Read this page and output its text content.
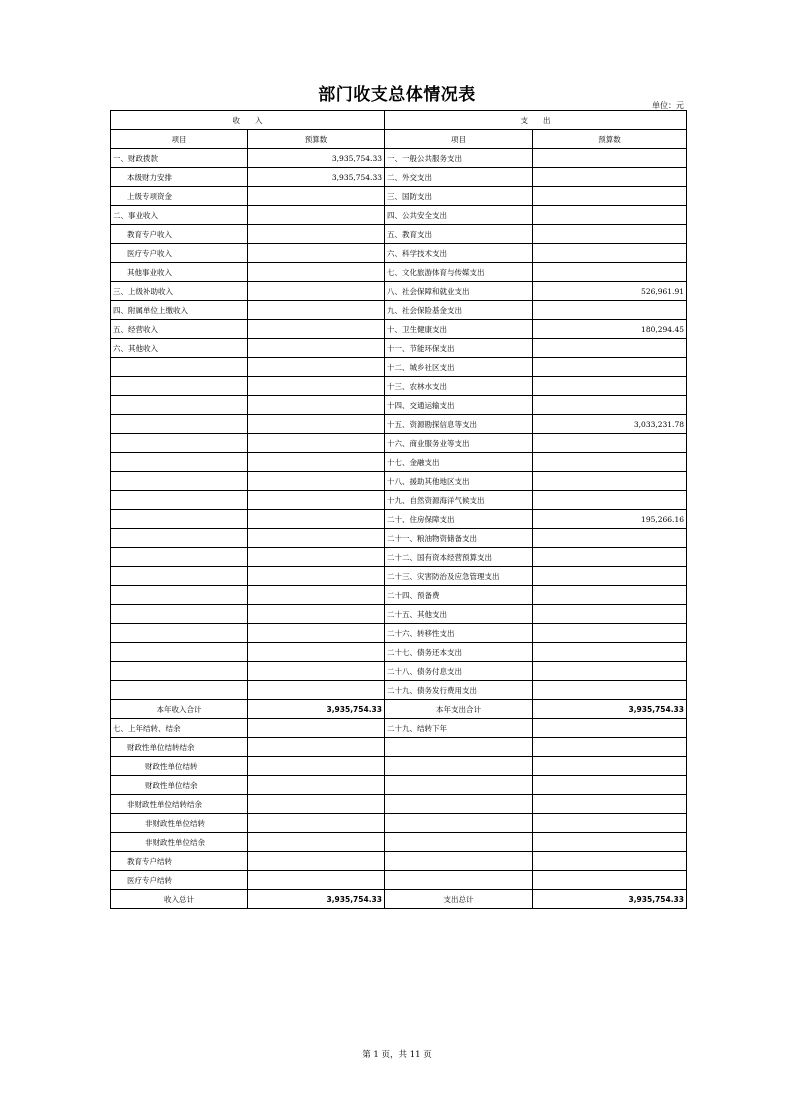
部门收支总体情况表
单位：元
收　　入		支　　出	
项目	预算数	项目	预算数
一、财政拨款	3,935,754.33	一、一般公共服务支出	
本级财力安排	3,935,754.33	二、外交支出	
上级专项资金		三、国防支出	
二、事业收入		四、公共安全支出	
教育专户收入		五、教育支出	
医疗专户收入		六、科学技术支出	
其他事业收入		七、文化旅游体育与传媒支出	
三、上级补助收入		八、社会保障和就业支出	526,961.91
四、附属单位上缴收入		九、社会保险基金支出	
五、经营收入		十、卫生健康支出	180,294.45
六、其他收入		十一、节能环保支出	
		十二、城乡社区支出	
		十三、农林水支出	
		十四、交通运输支出	
		十五、资源勘探信息等支出	3,033,231.78
		十六、商业服务业等支出	
		十七、金融支出	
		十八、援助其他地区支出	
		十九、自然资源海洋气候支出	
		二十、住房保障支出	195,266.16
		二十一、粮油物资储备支出	
		二十二、国有资本经营预算支出	
		二十三、灾害防治及应急管理支出	
		二十四、预备费	
		二十五、其他支出	
		二十六、转移性支出	
		二十七、债务还本支出	
		二十八、债务付息支出	
		二十九、债务发行费用支出	
本年收入合计	3,935,754.33	本年支出合计	3,935,754.33
七、上年结转、结余		二十九、结转下年	
财政性单位结转结余			
财政性单位结转			
财政性单位结余			
非财政性单位结转结余			
非财政性单位结转			
非财政性单位结余			
教育专户结转			
医疗专户结转			
收入总计	3,935,754.33	支出总计	3,935,754.33
第 1 页，共 11 页
